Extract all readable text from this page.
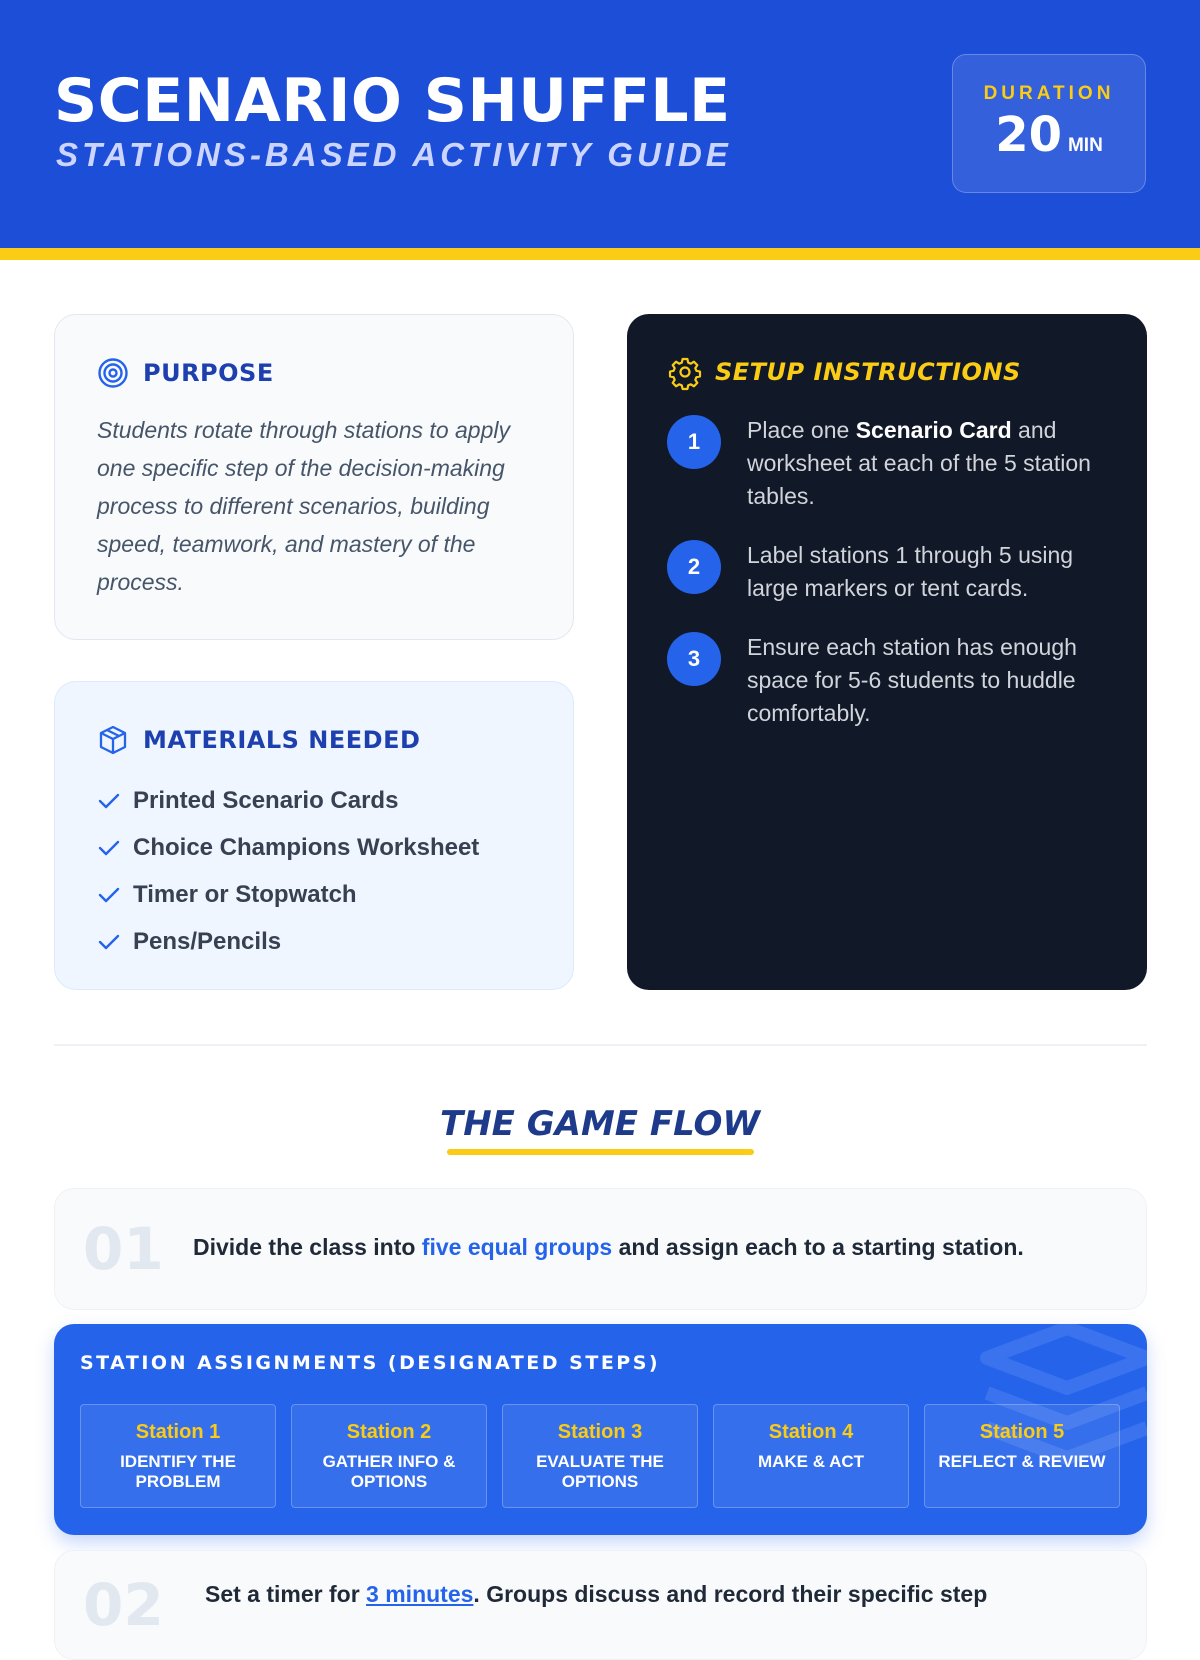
SCENARIO SHUFFLE
STATIONS-BASED ACTIVITY GUIDE
DURATION
20 MIN
PURPOSE

Students rotate through stations to apply one specific step of the decision-making process to different scenarios, building speed, teamwork, and mastery of the process.

MATERIALS NEEDED
Printed Scenario Cards
Choice Champions Worksheet
Timer or Stopwatch
Pens/Pencils
SETUP INSTRUCTIONS
1	Place one Scenario Card and worksheet at each of the 5 station tables.
2	Label stations 1 through 5 using large markers or tent cards.
3	Ensure each station has enough space for 5-6 students to huddle comfortably.
THE GAME FLOW
01 Divide the class into five equal groups and assign each to a starting station.
STATION ASSIGNMENTS (DESIGNATED STEPS)
Station 1
IDENTIFY THE PROBLEM
Station 2
GATHER INFO & OPTIONS
Station 3
EVALUATE THE OPTIONS
Station 4
MAKE & ACT
Station 5
REFLECT & REVIEW
02 Set a timer for 3 minutes. Groups discuss and record their specific step
